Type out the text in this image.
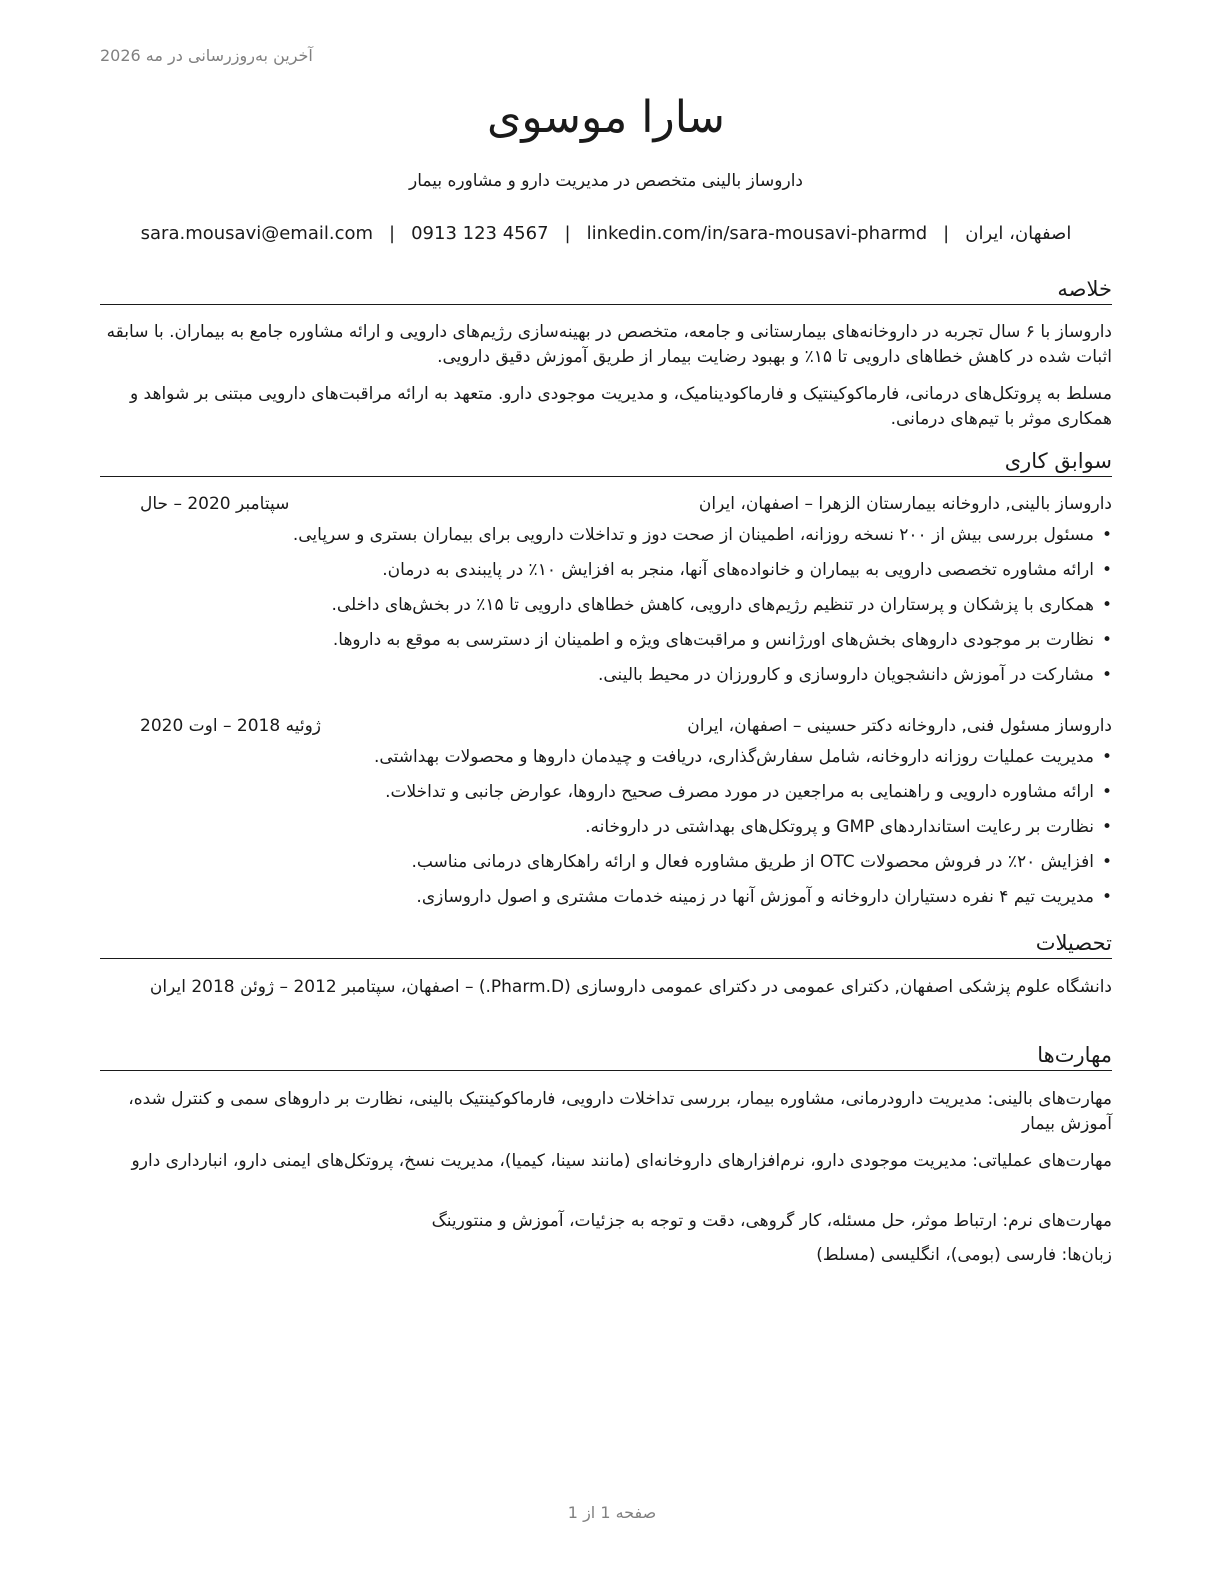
آخرین به‌روزرسانی در مه 2026
سارا موسوی
داروساز بالینی متخصص در مدیریت دارو و مشاوره بیمار
اصفهان، ایران|sara.mousavi@email.com | 0913 123 4567 | linkedin.com/in/sara-mousavi-pharmd
خلاصه

داروساز با ۶ سال تجربه در داروخانه‌های بیمارستانی و جامعه، متخصص در بهینه‌سازی رژیم‌های دارویی و ارائه مشاوره جامع به بیماران. با سابقه اثبات شده در کاهش خطاهای دارویی تا ۱۵٪ و بهبود رضایت بیمار از طریق آموزش دقیق دارویی.

مسلط به پروتکل‌های درمانی، فارماکوکینتیک و فارماکودینامیک، و مدیریت موجودی دارو. متعهد به ارائه مراقبت‌های دارویی مبتنی بر شواهد و همکاری موثر با تیم‌های درمانی.

سوابق کاری
داروساز بالینی, داروخانه بیمارستان الزهرا – اصفهان، ایران
سپتامبر 2020 – حال
•مسئول بررسی بیش از ۲۰۰ نسخه روزانه، اطمینان از صحت دوز و تداخلات دارویی برای بیماران بستری و سرپایی.
•ارائه مشاوره تخصصی دارویی به بیماران و خانواده‌های آنها، منجر به افزایش ۱۰٪ در پایبندی به درمان.
•همکاری با پزشکان و پرستاران در تنظیم رژیم‌های دارویی، کاهش خطاهای دارویی تا ۱۵٪ در بخش‌های داخلی.
•نظارت بر موجودی داروهای بخش‌های اورژانس و مراقبت‌های ویژه و اطمینان از دسترسی به موقع به داروها.
•مشارکت در آموزش دانشجویان داروسازی و کارورزان در محیط بالینی.
داروساز مسئول فنی, داروخانه دکتر حسینی – اصفهان، ایران
ژوئیه 2018 – اوت 2020
•مدیریت عملیات روزانه داروخانه، شامل سفارش‌گذاری، دریافت و چیدمان داروها و محصولات بهداشتی.
•ارائه مشاوره دارویی و راهنمایی به مراجعین در مورد مصرف صحیح داروها، عوارض جانبی و تداخلات.
•نظارت بر رعایت استانداردهای GMP و پروتکل‌های بهداشتی در داروخانه.
•افزایش ۲۰٪ در فروش محصولات OTC از طریق مشاوره فعال و ارائه راهکارهای درمانی مناسب.
•مدیریت تیم ۴ نفره دستیاران داروخانه و آموزش آنها در زمینه خدمات مشتری و اصول داروسازی.
تحصیلات

دانشگاه علوم پزشکی اصفهان, دکترای عمومی در دکترای عمومی داروسازی (Pharm.D.) – اصفهان، سپتامبر 2012 – ژوئن 2018 ایران

مهارت‌ها

مهارت‌های بالینی: مدیریت دارودرمانی، مشاوره بیمار، بررسی تداخلات دارویی، فارماکوکینتیک بالینی، نظارت بر داروهای سمی و کنترل شده، آموزش بیمار

مهارت‌های عملیاتی: مدیریت موجودی دارو، نرم‌افزارهای داروخانه‌ای (مانند سینا، کیمیا)، مدیریت نسخ، پروتکل‌های ایمنی دارو، انبارداری دارو

مهارت‌های نرم: ارتباط موثر، حل مسئله، کار گروهی، دقت و توجه به جزئیات، آموزش و منتورینگ

زبان‌ها: فارسی (بومی)، انگلیسی (مسلط)

صفحه 1 از 1
